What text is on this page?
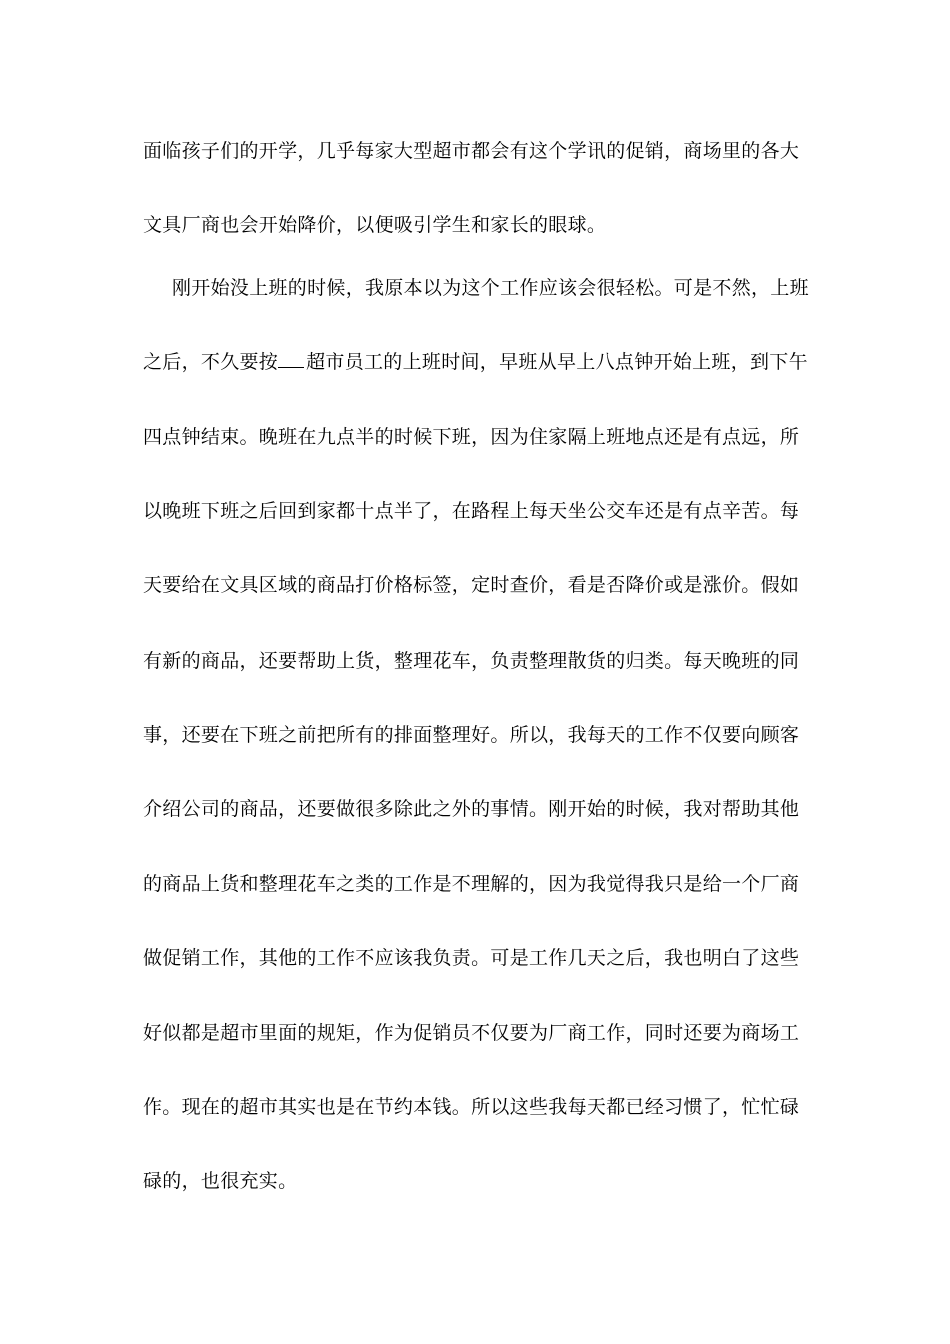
面临孩子们的开学，几乎每家大型超市都会有这个学讯的促销，商场里的各大
文具厂商也会开始降价，以便吸引学生和家长的眼球。
刚开始没上班的时候，我原本以为这个工作应该会很轻松。可是不然，上班
之后，不久要按 超市员工的上班时间，早班从早上八点钟开始上班，到下午
四点钟结束。晚班在九点半的时候下班，因为住家隔上班地点还是有点远，所
以晚班下班之后回到家都十点半了，在路程上每天坐公交车还是有点辛苦。每
天要给在文具区域的商品打价格标签，定时查价，看是否降价或是涨价。假如
有新的商品，还要帮助上货，整理花车，负责整理散货的归类。每天晚班的同
事，还要在下班之前把所有的排面整理好。所以，我每天的工作不仅要向顾客
介绍公司的商品，还要做很多除此之外的事情。刚开始的时候，我对帮助其他
的商品上货和整理花车之类的工作是不理解的，因为我觉得我只是给一个厂商
做促销工作，其他的工作不应该我负责。可是工作几天之后，我也明白了这些
好似都是超市里面的规矩，作为促销员不仅要为厂商工作，同时还要为商场工
作。现在的超市其实也是在节约本钱。所以这些我每天都已经习惯了，忙忙碌
碌的，也很充实。
